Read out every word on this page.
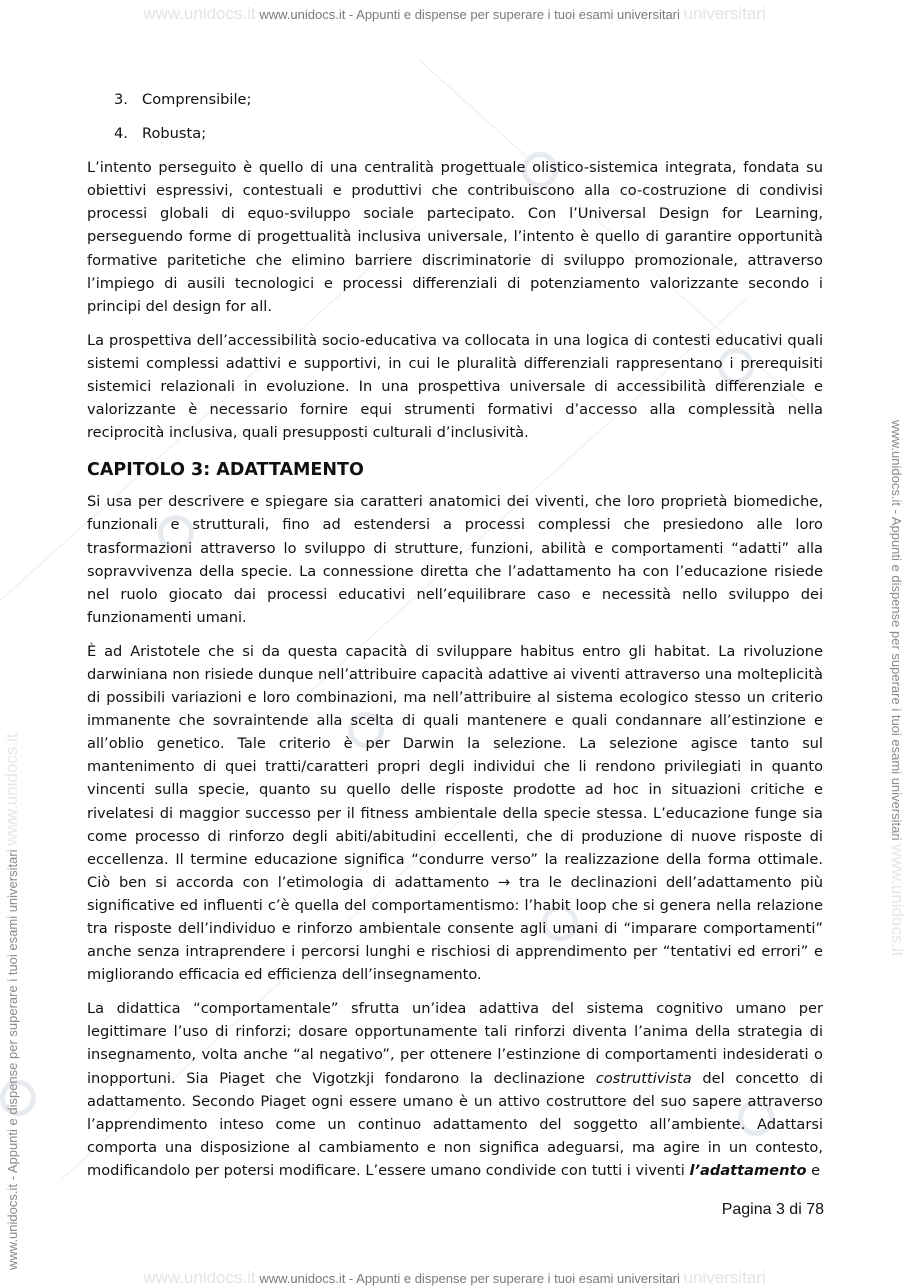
www.unidocs.it www.unidocs.it - Appunti e dispense per superare i tuoi esami universitari universitari
www.unidocs.it - Appunti e dispense per superare i tuoi esami universitari www.unidocs.it	www.unidocs.it - Appunti e dispense per superare i tuoi esami universitari www.unidocs.it
3. Comprensibile;
4. Robusta;

L’intento perseguito è quello di una centralità progettuale olistico-sistemica integrata, fondata su obiettivi espressivi, contestuali e produttivi che contribuiscono alla co-costruzione di condivisi processi globali di equo-sviluppo sociale partecipato. Con l’Universal Design for Learning, perseguendo forme di progettualità inclusiva universale, l’intento è quello di garantire opportunità formative paritetiche che elimino barriere discriminatorie di sviluppo promozionale, attraverso l’impiego di ausili tecnologici e processi differenziali di potenziamento valorizzante secondo i principi del design for all.

La prospettiva dell’accessibilità socio-educativa va collocata in una logica di contesti educativi quali sistemi complessi adattivi e supportivi, in cui le pluralità differenziali rappresentano i prerequisiti sistemici relazionali in evoluzione. In una prospettiva universale di accessibilità differenziale e valorizzante è necessario fornire equi strumenti formativi d’accesso alla complessità nella reciprocità inclusiva, quali presupposti culturali d’inclusività.

CAPITOLO 3: ADATTAMENTO

Si usa per descrivere e spiegare sia caratteri anatomici dei viventi, che loro proprietà biomediche, funzionali e strutturali, fino ad estendersi a processi complessi che presiedono alle loro trasformazioni attraverso lo sviluppo di strutture, funzioni, abilità e comportamenti “adatti” alla sopravvivenza della specie. La connessione diretta che l’adattamento ha con l’educazione risiede nel ruolo giocato dai processi educativi nell’equilibrare caso e necessità nello sviluppo dei funzionamenti umani.

È ad Aristotele che si da questa capacità di sviluppare habitus entro gli habitat. La rivoluzione darwiniana non risiede dunque nell’attribuire capacità adattive ai viventi attraverso una molteplicità di possibili variazioni e loro combinazioni, ma nell’attribuire al sistema ecologico stesso un criterio immanente che sovraintende alla scelta di quali mantenere e quali condannare all’estinzione e all’oblio genetico. Tale criterio è per Darwin la selezione. La selezione agisce tanto sul mantenimento di quei tratti/caratteri propri degli individui che li rendono privilegiati in quanto vincenti sulla specie, quanto su quello delle risposte prodotte ad hoc in situazioni critiche e rivelatesi di maggior successo per il fitness ambientale della specie stessa. L’educazione funge sia come processo di rinforzo degli abiti/abitudini eccellenti, che di produzione di nuove risposte di eccellenza. Il termine educazione significa “condurre verso” la realizzazione della forma ottimale. Ciò ben si accorda con l’etimologia di adattamento → tra le declinazioni dell’adattamento più significative ed influenti c’è quella del comportamentismo: l’habit loop che si genera nella relazione tra risposte dell’individuo e rinforzo ambientale consente agli umani di “imparare comportamenti” anche senza intraprendere i percorsi lunghi e rischiosi di apprendimento per “tentativi ed errori” e migliorando efficacia ed efficienza dell’insegnamento.

La didattica “comportamentale” sfrutta un’idea adattiva del sistema cognitivo umano per legittimare l’uso di rinforzi; dosare opportunamente tali rinforzi diventa l’anima della strategia di insegnamento, volta anche “al negativo”, per ottenere l’estinzione di comportamenti indesiderati o inopportuni. Sia Piaget che Vigotzkji fondarono la declinazione costruttivista del concetto di adattamento. Secondo Piaget ogni essere umano è un attivo costruttore del suo sapere attraverso l’apprendimento inteso come un continuo adattamento del soggetto all’ambiente. Adattarsi comporta una disposizione al cambiamento e non significa adeguarsi, ma agire in un contesto, modificandolo per potersi modificare. L’essere umano condivide con tutti i viventi l’adattamento e

Pagina 3 di 78
www.unidocs.it www.unidocs.it - Appunti e dispense per superare i tuoi esami universitari universitari
